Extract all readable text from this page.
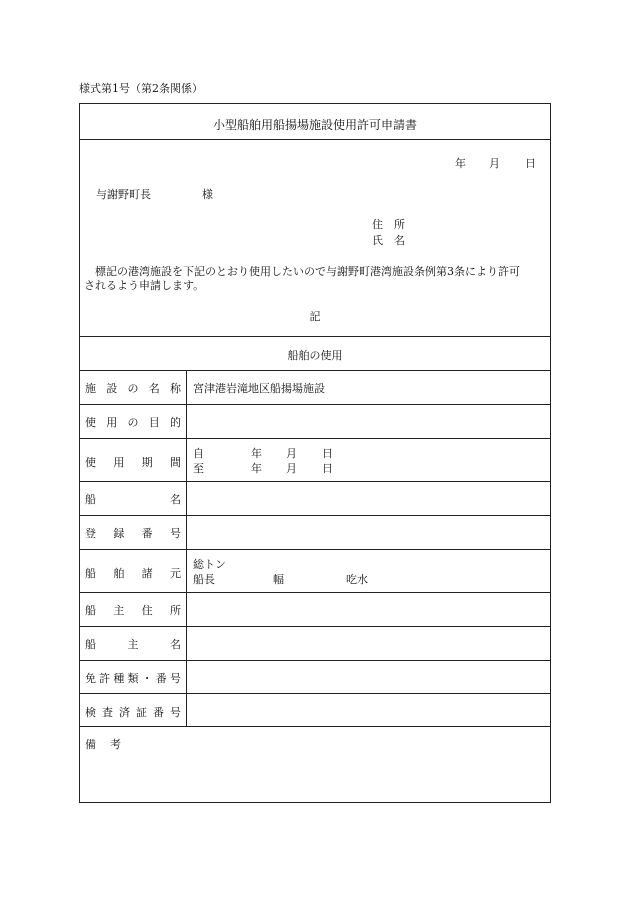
様式第1号（第2条関係）
小型船舶用船揚場施設使用許可申請書
年 月 日
与謝野町長	様
住　所
氏　名
　標記の港湾施設を下記のとおり使用したいので与謝野町港湾施設条例第3条により許可
されるよう申請します。
記
船舶の使用
施 設 の 名 称 宮津港岩滝地区船揚場施設
使 用 の 目 的
使 用 期 間
自	年 月 日
至	年 月 日
船	名
登 録 番 号
船 舶 諸 元
総トン
船長	幅	吃水
船 主 住 所
船	主	名
免 許 種 類 ・ 番 号
検 査 済 証 番 号
備考
